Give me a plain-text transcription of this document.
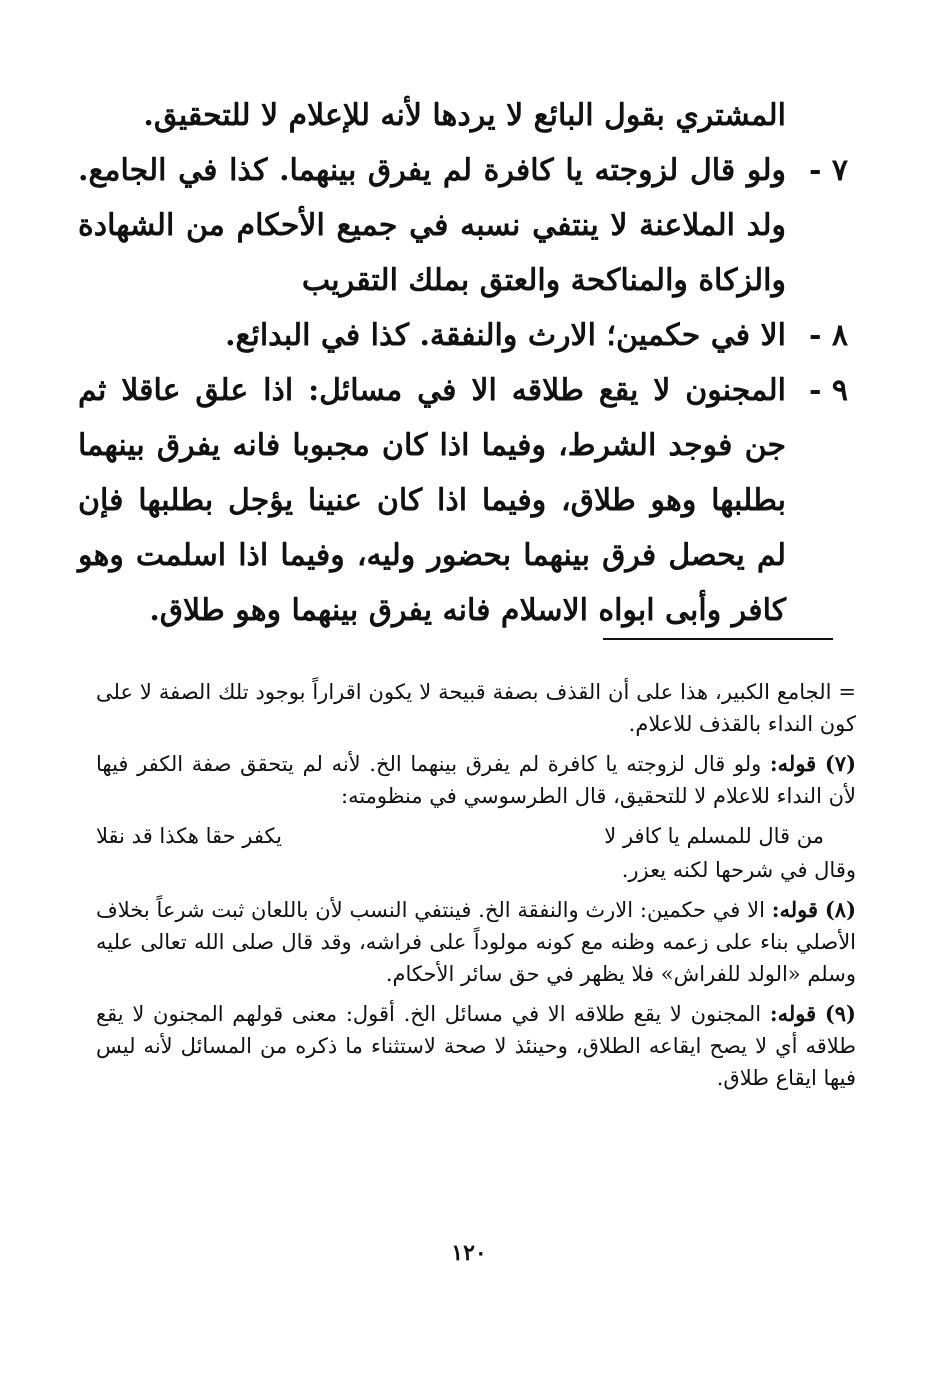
المشتري بقول البائع لا يردها لأنه للإعلام لا للتحقيق.
٧ -
ولو قال لزوجته يا كافرة لم يفرق بينهما. كذا في الجامع. ولد الملاعنة لا ينتفي نسبه في جميع الأحكام من الشهادة والزكاة والمناكحة والعتق بملك التقريب
٨ -
الا في حكمين؛ الارث والنفقة. كذا في البدائع.
٩ -
المجنون لا يقع طلاقه الا في مسائل: اذا علق عاقلا ثم جن فوجد الشرط، وفيما اذا كان مجبوبا فانه يفرق بينهما بطلبها وهو طلاق، وفيما اذا كان عنينا يؤجل بطلبها فإن لم يحصل فرق بينهما بحضور وليه، وفيما اذا اسلمت وهو كافر وأبى ابواه الاسلام فانه يفرق بينهما وهو طلاق.

= الجامع الكبير، هذا على أن القذف بصفة قبيحة لا يكون اقراراً بوجود تلك الصفة لا على كون النداء بالقذف للاعلام.

(٧) قوله: ولو قال لزوجته يا كافرة لم يفرق بينهما الخ. لأنه لم يتحقق صفة الكفر فيها لأن النداء للاعلام لا للتحقيق، قال الطرسوسي في منظومته:

من قال للمسلم يا كافر لا
يكفر حقا هكذا قد نقلا

وقال في شرحها لكنه يعزر.

(٨) قوله: الا في حكمين: الارث والنفقة الخ. فينتفي النسب لأن باللعان ثبت شرعاً بخلاف الأصلي بناء على زعمه وظنه مع كونه مولوداً على فراشه، وقد قال صلى الله تعالى عليه وسلم «الولد للفراش» فلا يظهر في حق سائر الأحكام.

(٩) قوله: المجنون لا يقع طلاقه الا في مسائل الخ. أقول: معنى قولهم المجنون لا يقع طلاقه أي لا يصح ايقاعه الطلاق، وحينئذ لا صحة لاستثناء ما ذكره من المسائل لأنه ليس فيها ايقاع طلاق.

١٢٠
